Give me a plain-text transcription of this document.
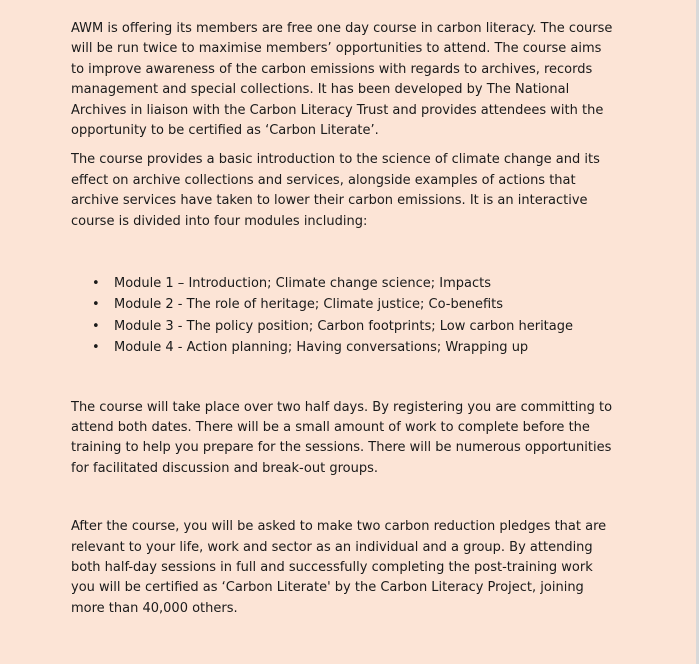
AWM is offering its members are free one day course in carbon literacy. The course will be run twice to maximise members’ opportunities to attend. The course aims to improve awareness of the carbon emissions with regards to archives, records management and special collections. It has been developed by The National Archives in liaison with the Carbon Literacy Trust and provides attendees with the opportunity to be certified as ‘Carbon Literate’.

The course provides a basic introduction to the science of climate change and its effect on archive collections and services, alongside examples of actions that archive services have taken to lower their carbon emissions. It is an interactive course is divided into four modules including:

• Module 1 – Introduction; Climate change science; Impacts
• Module 2 - The role of heritage; Climate justice; Co-benefits
• Module 3 - The policy position; Carbon footprints; Low carbon heritage
• Module 4 - Action planning; Having conversations; Wrapping up

The course will take place over two half days. By registering you are committing to attend both dates. There will be a small amount of work to complete before the training to help you prepare for the sessions. There will be numerous opportunities for facilitated discussion and break-out groups.

After the course, you will be asked to make two carbon reduction pledges that are relevant to your life, work and sector as an individual and a group. By attending both half-day sessions in full and successfully completing the post-training work you will be certified as ‘Carbon Literate' by the Carbon Literacy Project, joining more than 40,000 others.
